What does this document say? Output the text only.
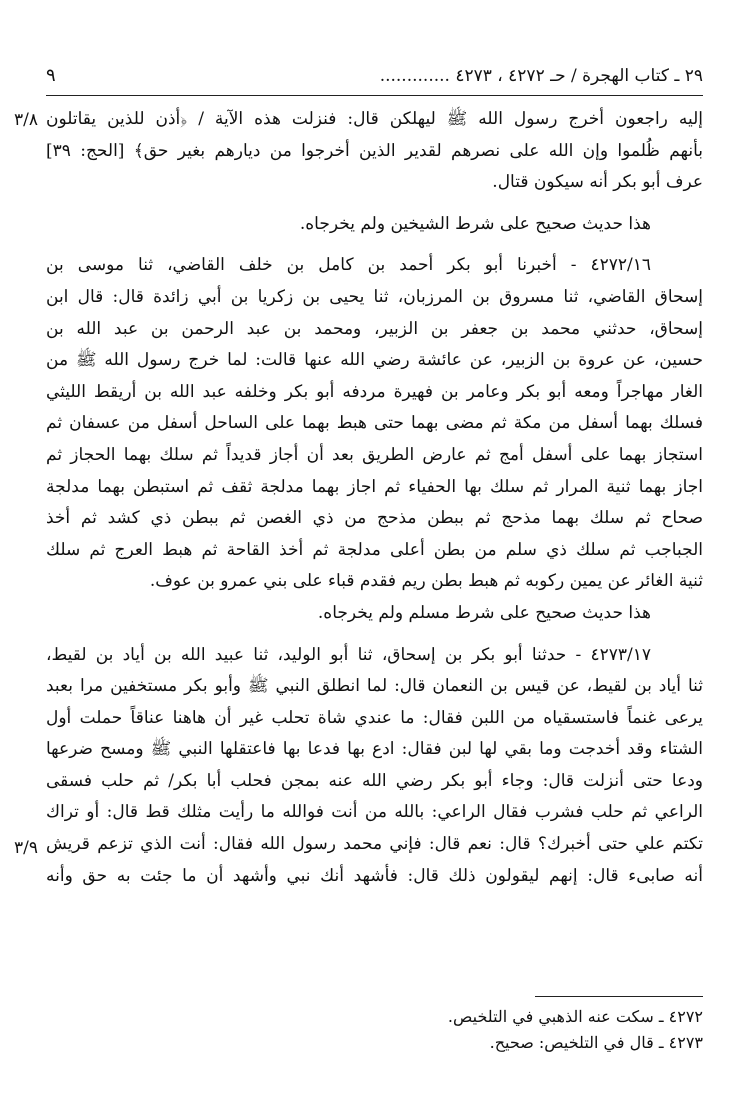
٢٩ ـ كتاب الهجرة / حـ ٤٢٧٢ ، ٤٢٧٣ .............
٩
٣/٨
٣/٩
إليه راجعون أخرج رسول الله ﷺ ليهلكن قال: فنزلت هذه الآية / ﴿أذن للذين يقاتلون
بأنهم ظُلموا وإن الله على نصرهم لقدير الذين أخرجوا من ديارهم بغير حق﴾ [الحج: ٣٩]
عرف أبو بكر أنه سيكون قتال.
هذا حديث صحيح على شرط الشيخين ولم يخرجاه.
٤٢٧٢/١٦ - أخبرنا أبو بكر أحمد بن كامل بن خلف القاضي، ثنا موسى بن
إسحاق القاضي، ثنا مسروق بن المرزبان، ثنا يحيى بن زكريا بن أبي زائدة قال: قال ابن
إسحاق، حدثني محمد بن جعفر بن الزبير، ومحمد بن عبد الرحمن بن عبد الله بن
حسين، عن عروة بن الزبير، عن عائشة رضي الله عنها قالت: لما خرج رسول الله ﷺ من
الغار مهاجراً ومعه أبو بكر وعامر بن فهيرة مردفه أبو بكر وخلفه عبد الله بن أريقط الليثي
فسلك بهما أسفل من مكة ثم مضى بهما حتى هبط بهما على الساحل أسفل من عسفان ثم
استجاز بهما على أسفل أمج ثم عارض الطريق بعد أن أجاز قديداً ثم سلك بهما الحجاز ثم
اجاز بهما ثنية المرار ثم سلك بها الحفياء ثم اجاز بهما مدلجة ثقف ثم استبطن بهما مدلجة
صحاح ثم سلك بهما مذحج ثم ببطن مذحج من ذي الغصن ثم ببطن ذي كشد ثم أخذ
الجباجب ثم سلك ذي سلم من بطن أعلى مدلجة ثم أخذ القاحة ثم هبط العرج ثم سلك
ثنية الغائر عن يمين ركوبه ثم هبط بطن ريم فقدم قباء على بني عمرو بن عوف.
هذا حديث صحيح على شرط مسلم ولم يخرجاه.
٤٢٧٣/١٧ - حدثنا أبو بكر بن إسحاق، ثنا أبو الوليد، ثنا عبيد الله بن أياد بن لقيط،
ثنا أياد بن لقيط، عن قيس بن النعمان قال: لما انطلق النبي ﷺ وأبو بكر مستخفين مرا بعبد
يرعى غنماً فاستسقياه من اللبن فقال: ما عندي شاة تحلب غير أن هاهنا عناقاً حملت أول
الشتاء وقد أخدجت وما بقي لها لبن فقال: ادع بها فدعا بها فاعتقلها النبي ﷺ ومسح ضرعها
ودعا حتى أنزلت قال: وجاء أبو بكر رضي الله عنه بمجن فحلب أبا بكر/ ثم حلب فسقى
الراعي ثم حلب فشرب فقال الراعي: بالله من أنت فوالله ما رأيت مثلك قط قال: أو تراك
تكتم علي حتى أخبرك؟ قال: نعم قال: فإني محمد رسول الله فقال: أنت الذي تزعم قريش
أنه صابىء قال: إنهم ليقولون ذلك قال: فأشهد أنك نبي وأشهد أن ما جئت به حق وأنه
٤٢٧٢ ـ سكت عنه الذهبي في التلخيص.
٤٢٧٣ ـ قال في التلخيص: صحيح.
